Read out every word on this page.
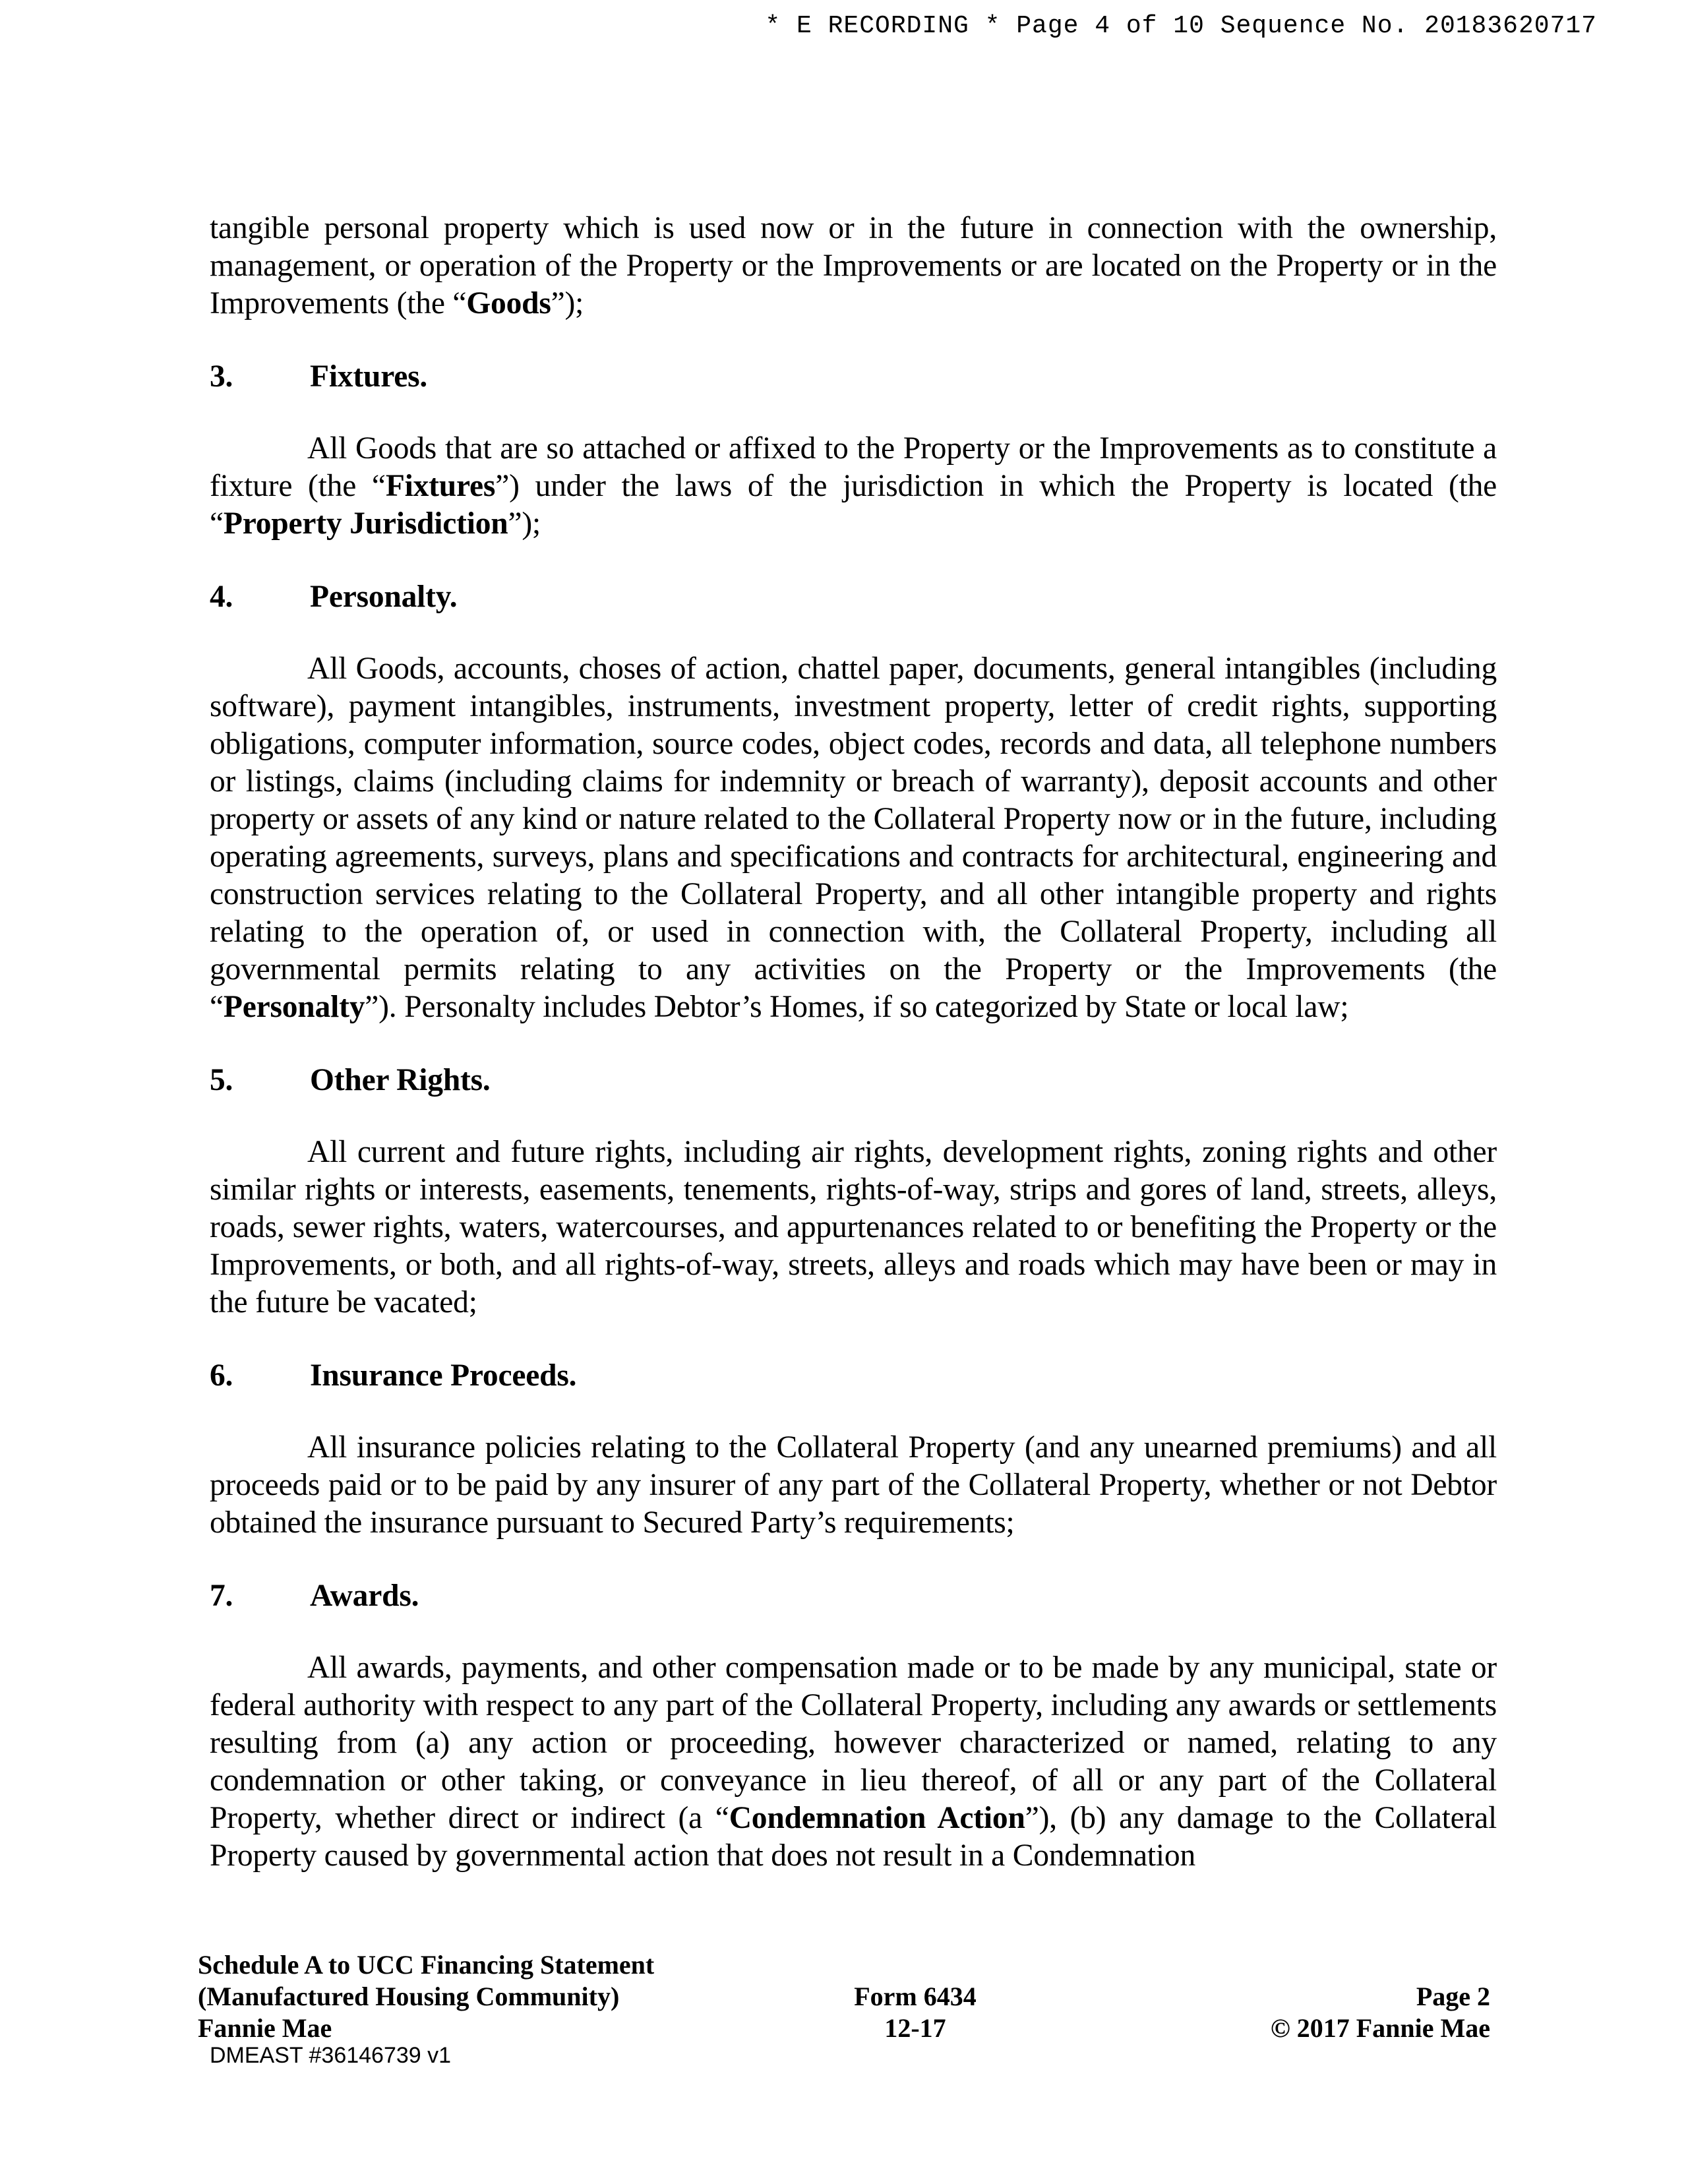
* E RECORDING * Page 4 of 10 Sequence No. 20183620717

tangible personal property which is used now or in the future in connection with the ownership, management, or operation of the Property or the Improvements or are located on the Property or in the Improvements (the “Goods”);

3.	Fixtures.

All Goods that are so attached or affixed to the Property or the Improvements as to constitute a fixture (the “Fixtures”) under the laws of the jurisdiction in which the Property is located (the “Property Jurisdiction”);

4.	Personalty.

All Goods, accounts, choses of action, chattel paper, documents, general intangibles (including software), payment intangibles, instruments, investment property, letter of credit rights, supporting obligations, computer information, source codes, object codes, records and data, all telephone numbers or listings, claims (including claims for indemnity or breach of warranty), deposit accounts and other property or assets of any kind or nature related to the Collateral Property now or in the future, including operating agreements, surveys, plans and specifications and contracts for architectural, engineering and construction services relating to the Collateral Property, and all other intangible property and rights relating to the operation of, or used in connection with, the Collateral Property, including all governmental permits relating to any activities on the Property or the Improvements (the “Personalty”). Personalty includes Debtor’s Homes, if so categorized by State or local law;

5.	Other Rights.

All current and future rights, including air rights, development rights, zoning rights and other similar rights or interests, easements, tenements, rights-of-way, strips and gores of land, streets, alleys, roads, sewer rights, waters, watercourses, and appurtenances related to or benefiting the Property or the Improvements, or both, and all rights-of-way, streets, alleys and roads which may have been or may in the future be vacated;

6.	Insurance Proceeds.

All insurance policies relating to the Collateral Property (and any unearned premiums) and all proceeds paid or to be paid by any insurer of any part of the Collateral Property, whether or not Debtor obtained the insurance pursuant to Secured Party’s requirements;

7.	Awards.

All awards, payments, and other compensation made or to be made by any municipal, state or federal authority with respect to any part of the Collateral Property, including any awards or settlements resulting from (a) any action or proceeding, however characterized or named, relating to any condemnation or other taking, or conveyance in lieu thereof, of all or any part of the Collateral Property, whether direct or indirect (a “Condemnation Action”), (b) any damage to the Collateral Property caused by governmental action that does not result in a Condemnation

Schedule A to UCC Financing Statement
(Manufactured Housing Community)
Fannie Mae
Form 6434
12-17
Page 2
© 2017 Fannie Mae
DMEAST #36146739 v1
